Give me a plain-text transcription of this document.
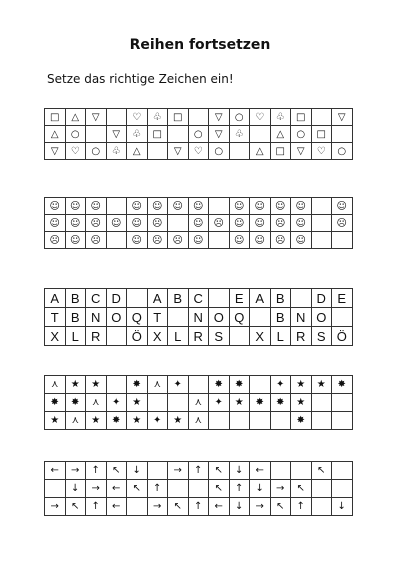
Reihen fortsetzen
Setze das richtige Zeichen ein!
□	△	▽		♡	♧	□		▽	○	♡	♧	□		▽
△	○		▽	♧	□		○	▽	♧		△	○	□	
▽	♡	○	♧	△		▽	♡	○		△	□	▽	♡	○
☺	☺	☺		☺	☺	☺	☺		☺	☺	☺	☺		☺
☺	☺	☹	☺	☺	☹		☺	☹	☺	☺	☹	☺		☹
☹	☺	☹		☺	☹	☹	☺		☺	☺	☹	☺		
A	B	C	D		A	B	C		E	A	B		D	E
T	B	N	O	Q	T		N	O	Q		B	N	O	
X	L	R		Ö	X	L	R	S		X	L	R	S	Ö
⋏	★	★		✸	⋏	✦		✸	✸		✦	★	★	✸
✸	✸	⋏	✦	★			⋏	✦	★	✸	✸	★		
★	⋏	★	✸	★	✦	★	⋏					✸		
←	→	↑	↖	↓		→	↑	↖	↓	←			↖	
	↓	→	←	↖	↑			↖	↑	↓	→	↖		
→	↖	↑	←		→	↖	↑	←	↓	→	↖	↑		↓
